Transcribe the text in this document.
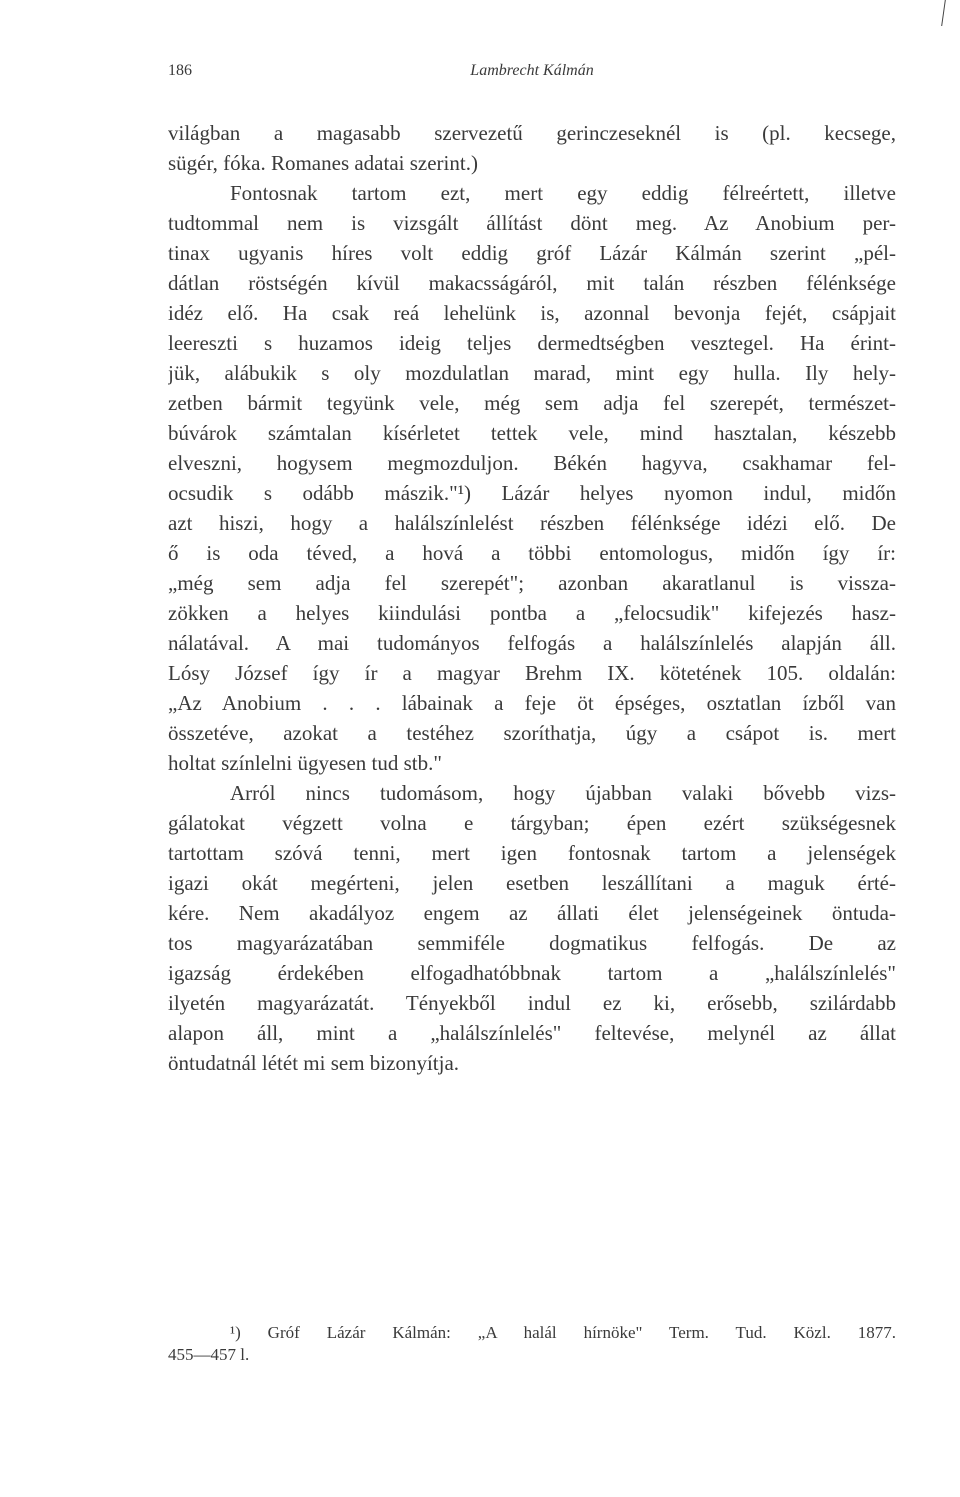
186	Lambrecht Kálmán
világban a magasabb szervezetű gerinczeseknél is (pl. kecsege,
sügér, fóka. Romanes adatai szerint.)
Fontosnak tartom ezt, mert egy eddig félreértett, illetve
tudtommal nem is vizsgált állítást dönt meg. Az Anobium per-
tinax ugyanis híres volt eddig gróf Lázár Kálmán szerint „pél-
dátlan röstségén kívül makacsságáról, mit talán részben félénksége
idéz elő. Ha csak reá lehelünk is, azonnal bevonja fejét, csápjait
leereszti s huzamos ideig teljes dermedtségben vesztegel. Ha érint-
jük, alábukik s oly mozdulatlan marad, mint egy hulla. Ily hely-
zetben bármit tegyünk vele, még sem adja fel szerepét, természet-
búvárok számtalan kísérletet tettek vele, mind hasztalan, készebb
elveszni, hogysem megmozduljon. Békén hagyva, csakhamar fel-
ocsudik s odább mászik."¹) Lázár helyes nyomon indul, midőn
azt hiszi, hogy a halálszínlelést részben félénksége idézi elő. De
ő is oda téved, a hová a többi entomologus, midőn így ír:
„még sem adja fel szerepét"; azonban akaratlanul is vissza-
zökken a helyes kiindulási pontba a „felocsudik" kifejezés hasz-
nálatával. A mai tudományos felfogás a halálszínlelés alapján áll.
Lósy József így ír a magyar Brehm IX. kötetének 105. oldalán:
„Az Anobium . . . lábainak a feje öt épséges, osztatlan ízből van
összetéve, azokat a testéhez szoríthatja, úgy a csápot is. mert
holtat színlelni ügyesen tud stb."
Arról nincs tudomásom, hogy újabban valaki bővebb vizs-
gálatokat végzett volna e tárgyban; épen ezért szükségesnek
tartottam szóvá tenni, mert igen fontosnak tartom a jelenségek
igazi okát megérteni, jelen esetben leszállítani a maguk érté-
kére. Nem akadályoz engem az állati élet jelenségeinek öntuda-
tos magyarázatában semmiféle dogmatikus felfogás. De az
igazság érdekében elfogadhatóbbnak tartom a „halálszínlelés"
ilyetén magyarázatát. Tényekből indul ez ki, erősebb, szilárdabb
alapon áll, mint a „halálszínlelés" feltevése, melynél az állat
öntudatnál létét mi sem bizonyítja.
¹) Gróf Lázár Kálmán: „A halál hírnöke" Term. Tud. Közl. 1877.
455—457 l.
